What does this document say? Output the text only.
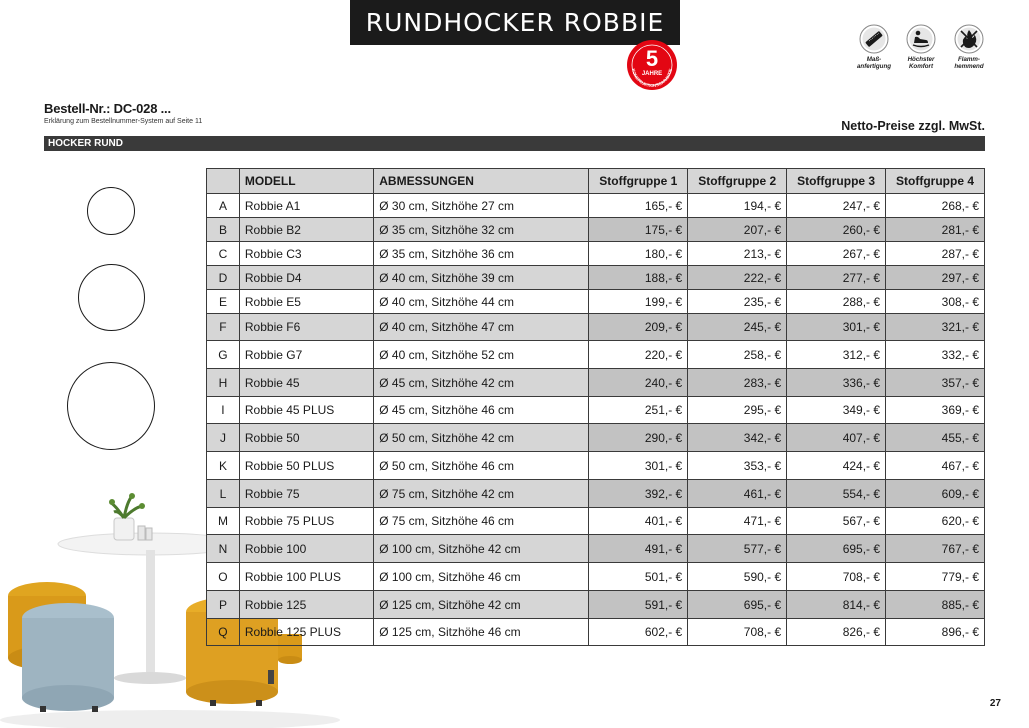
RUNDHOCKER ROBBIE
5
JAHRE
KONSTRUKTIONSGARANTIE
Maß-
anfertigung
Höchster
Komfort
Flamm-
hemmend
Bestell-Nr.: DC-028 ...
Erklärung zum Bestellnummer-System auf Seite 11	Netto-Preise zzgl. MwSt.
HOCKER RUND
	MODELL	ABMESSUNGEN	Stoffgruppe 1	Stoffgruppe 2	Stoffgruppe 3	Stoffgruppe 4
A	Robbie A1	Ø 30 cm, Sitzhöhe 27 cm	165,- €	194,- €	247,- €	268,- €
B	Robbie B2	Ø 35 cm, Sitzhöhe 32 cm	175,- €	207,- €	260,- €	281,- €
C	Robbie C3	Ø 35 cm, Sitzhöhe 36 cm	180,- €	213,- €	267,- €	287,- €
D	Robbie D4	Ø 40 cm, Sitzhöhe 39 cm	188,- €	222,- €	277,- €	297,- €
E	Robbie E5	Ø 40 cm, Sitzhöhe 44 cm	199,- €	235,- €	288,- €	308,- €
F	Robbie F6	Ø 40 cm, Sitzhöhe 47 cm	209,- €	245,- €	301,- €	321,- €
G	Robbie G7	Ø 40 cm, Sitzhöhe 52 cm	220,- €	258,- €	312,- €	332,- €
H	Robbie 45	Ø 45 cm, Sitzhöhe 42 cm	240,- €	283,- €	336,- €	357,- €
I	Robbie 45 PLUS	Ø 45 cm, Sitzhöhe 46 cm	251,- €	295,- €	349,- €	369,- €
J	Robbie 50	Ø 50 cm, Sitzhöhe 42 cm	290,- €	342,- €	407,- €	455,- €
K	Robbie 50 PLUS	Ø 50 cm, Sitzhöhe 46 cm	301,- €	353,- €	424,- €	467,- €
L	Robbie 75	Ø 75 cm, Sitzhöhe 42 cm	392,- €	461,- €	554,- €	609,- €
M	Robbie 75 PLUS	Ø 75 cm, Sitzhöhe 46 cm	401,- €	471,- €	567,- €	620,- €
N	Robbie 100	Ø 100 cm, Sitzhöhe 42 cm	491,- €	577,- €	695,- €	767,- €
O	Robbie 100 PLUS	Ø 100 cm, Sitzhöhe 46 cm	501,- €	590,- €	708,- €	779,- €
P	Robbie 125	Ø 125 cm, Sitzhöhe 42 cm	591,- €	695,- €	814,- €	885,- €
Q	Robbie 125 PLUS	Ø 125 cm, Sitzhöhe 46 cm	602,- €	708,- €	826,- €	896,- €
27
